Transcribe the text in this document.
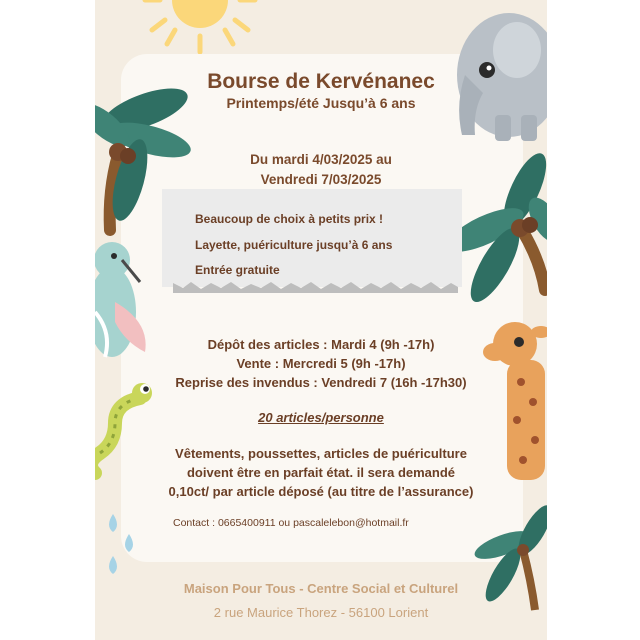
Bourse de Kervénanec

Printemps/été Jusqu’à 6 ans

Du mardi 4/03/2025 au

Vendredi 7/03/2025

Beaucoup de choix à petits prix !

Layette, puériculture jusqu’à 6 ans

Entrée gratuite

Dépôt des articles : Mardi 4 (9h -17h)

Vente : Mercredi 5 (9h -17h)

Reprise des invendus : Vendredi 7 (16h -17h30)

20 articles/personne

Vêtements, poussettes, articles de puériculture

doivent être en parfait état. il sera demandé

0,10ct/ par article déposé (au titre de l’assurance)

Contact : 0665400911 ou pascalelebon@hotmail.fr

Maison Pour Tous - Centre Social et Culturel

2 rue Maurice Thorez - 56100 Lorient
